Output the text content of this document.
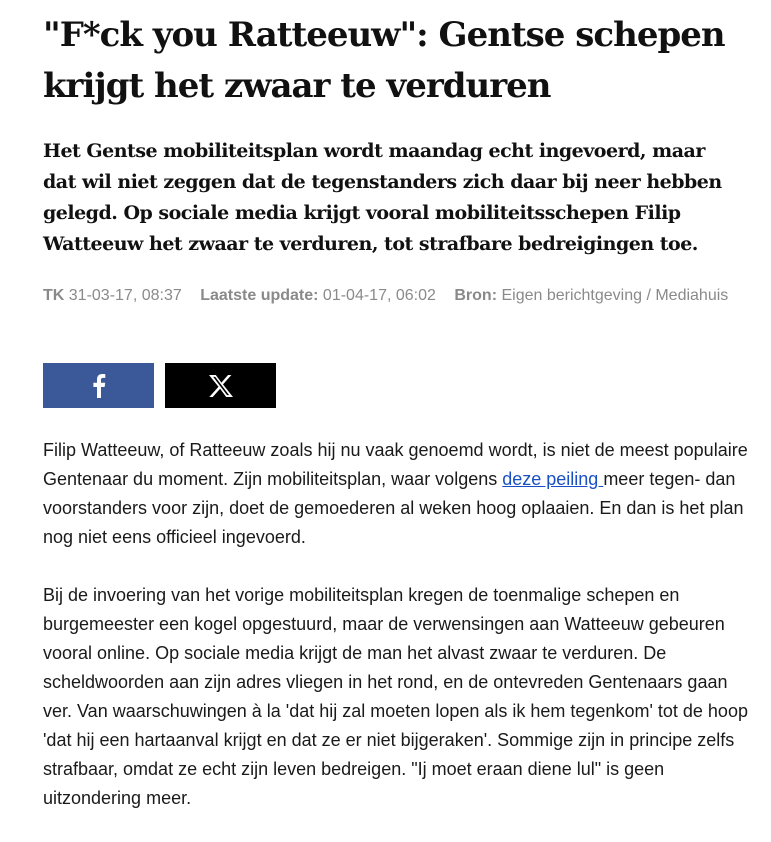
"F*ck you Ratteeuw": Gentse schepen krijgt het zwaar te verduren

Het Gentse mobiliteitsplan wordt maandag echt ingevoerd, maar dat wil niet zeggen dat de tegenstanders zich daar bij neer hebben gelegd. Op sociale media krijgt vooral mobiliteitsschepen Filip Watteeuw het zwaar te verduren, tot strafbare bedreigingen toe.

TK 31-03-17, 08:37 Laatste update: 01-04-17, 06:02 Bron: Eigen berichtgeving / Mediahuis

Filip Watteeuw, of Ratteeuw zoals hij nu vaak genoemd wordt, is niet de meest populaire Gentenaar du moment. Zijn mobiliteitsplan, waar volgens deze peiling meer tegen- dan voorstanders voor zijn, doet de gemoederen al weken hoog oplaaien. En dan is het plan nog niet eens officieel ingevoerd.

Bij de invoering van het vorige mobiliteitsplan kregen de toenmalige schepen en burgemeester een kogel opgestuurd, maar de verwensingen aan Watteeuw gebeuren vooral online. Op sociale media krijgt de man het alvast zwaar te verduren. De scheldwoorden aan zijn adres vliegen in het rond, en de ontevreden Gentenaars gaan ver. Van waarschuwingen à la 'dat hij zal moeten lopen als ik hem tegenkom' tot de hoop 'dat hij een hartaanval krijgt en dat ze er niet bijgeraken'. Sommige zijn in principe zelfs strafbaar, omdat ze echt zijn leven bedreigen. "Ij moet eraan diene lul" is geen uitzondering meer.
